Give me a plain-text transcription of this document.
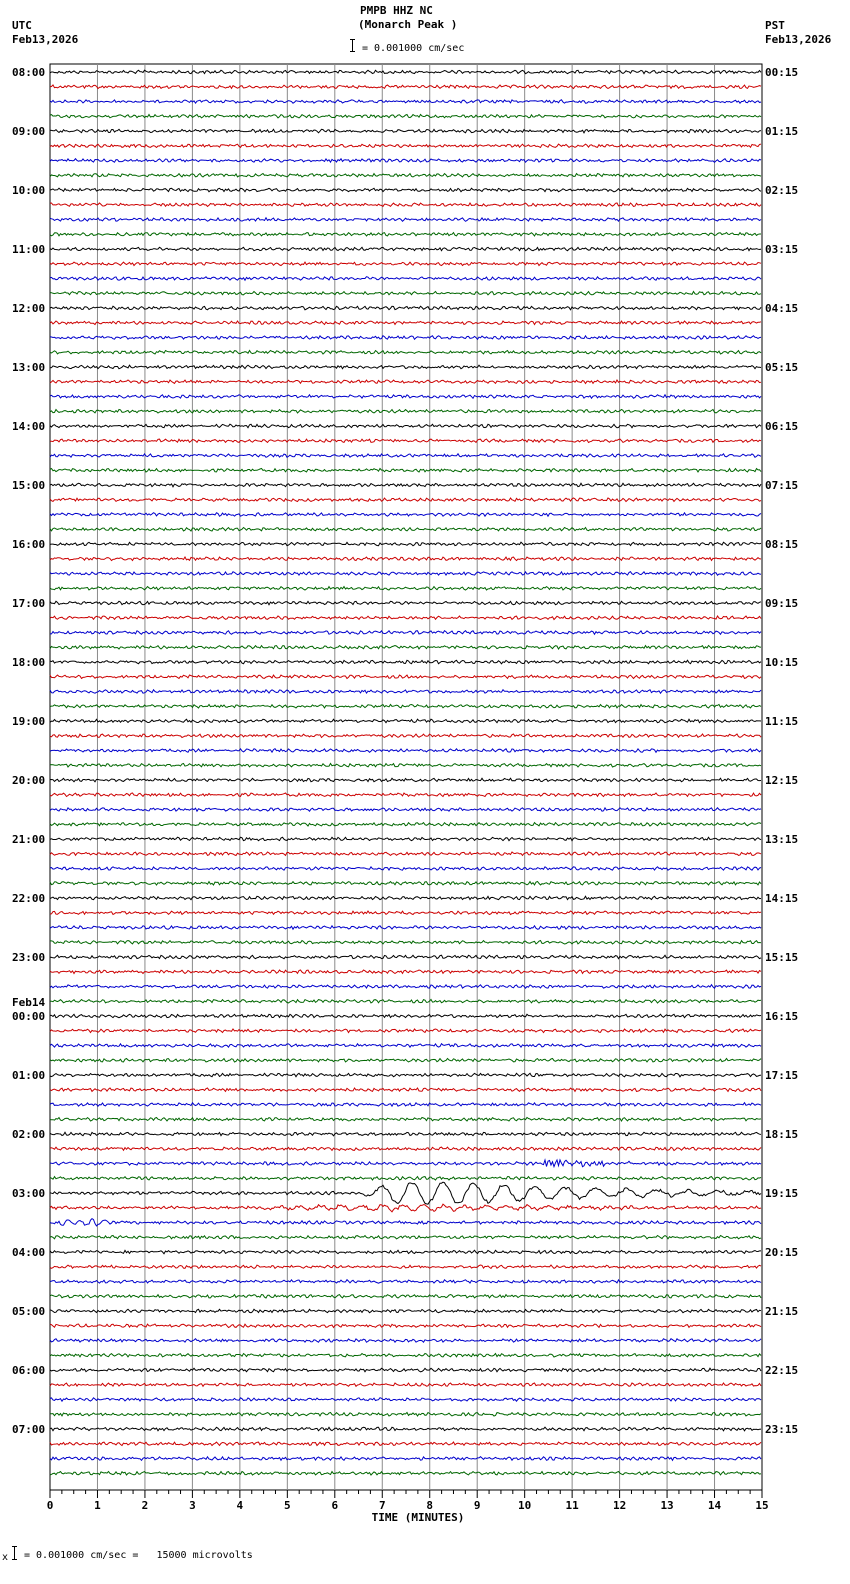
PMPB HHZ NC
(Monarch Peak )
= 0.001000 cm/sec
UTC
Feb13,2026
PST
Feb13,2026
08:00
09:00
10:00
11:00
12:00
13:00
14:00
15:00
16:00
17:00
18:00
19:00
20:00
21:00
22:00
23:00
00:00
Feb14
01:00
02:00
03:00
04:00
05:00
06:00
07:00
00:15
01:15
02:15
03:15
04:15
05:15
06:15
07:15
08:15
09:15
10:15
11:15
12:15
13:15
14:15
15:15
16:15
17:15
18:15
19:15
20:15
21:15
22:15
23:15
0	1	2	3	4	5	6	7	8	9	10	11	12	13	14	15
TIME (MINUTES)
x = 0.001000 cm/sec =   15000 microvolts
